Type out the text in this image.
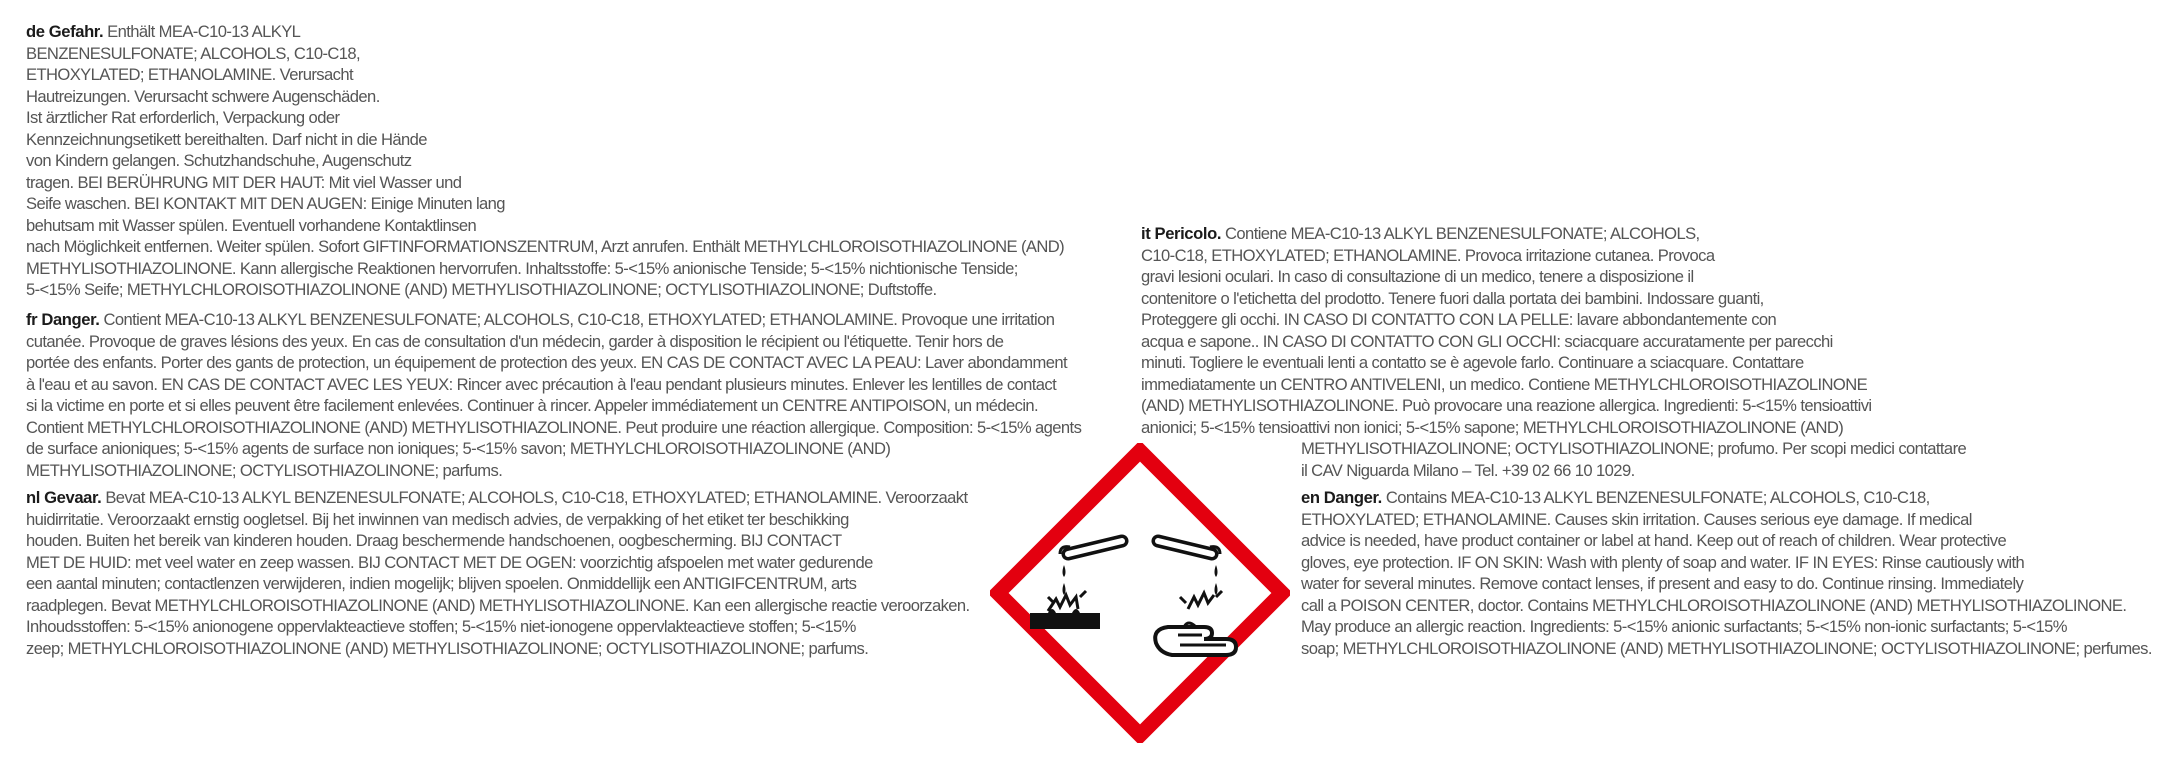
de Gefahr. Enthält MEA-C10-13 ALKYL
BENZENESULFONATE; ALCOHOLS, C10-C18,
ETHOXYLATED; ETHANOLAMINE. Verursacht
Hautreizungen. Verursacht schwere Augenschäden.
Ist ärztlicher Rat erforderlich, Verpackung oder
Kennzeichnungsetikett bereithalten. Darf nicht in die Hände
von Kindern gelangen. Schutzhandschuhe, Augenschutz
tragen. BEI BERÜHRUNG MIT DER HAUT: Mit viel Wasser und
Seife waschen. BEI KONTAKT MIT DEN AUGEN: Einige Minuten lang
behutsam mit Wasser spülen. Eventuell vorhandene Kontaktlinsen
nach Möglichkeit entfernen. Weiter spülen. Sofort GIFTINFORMATIONSZENTRUM, Arzt anrufen. Enthält METHYLCHLOROISOTHIAZOLINONE (AND)
METHYLISOTHIAZOLINONE. Kann allergische Reaktionen hervorrufen. Inhaltsstoffe: 5-<15% anionische Tenside; 5-<15% nichtionische Tenside;
5-<15% Seife; METHYLCHLOROISOTHIAZOLINONE (AND) METHYLISOTHIAZOLINONE; OCTYLISOTHIAZOLINONE; Duftstoffe.
fr Danger. Contient MEA-C10-13 ALKYL BENZENESULFONATE; ALCOHOLS, C10-C18, ETHOXYLATED; ETHANOLAMINE. Provoque une irritation
cutanée. Provoque de graves lésions des yeux. En cas de consultation d'un médecin, garder à disposition le récipient ou l'étiquette. Tenir hors de
portée des enfants. Porter des gants de protection, un équipement de protection des yeux. EN CAS DE CONTACT AVEC LA PEAU: Laver abondamment
à l'eau et au savon. EN CAS DE CONTACT AVEC LES YEUX: Rincer avec précaution à l'eau pendant plusieurs minutes. Enlever les lentilles de contact
si la victime en porte et si elles peuvent être facilement enlevées. Continuer à rincer. Appeler immédiatement un CENTRE ANTIPOISON, un médecin.
Contient METHYLCHLOROISOTHIAZOLINONE (AND) METHYLISOTHIAZOLINONE. Peut produire une réaction allergique. Composition: 5-<15% agents
de surface anioniques; 5-<15% agents de surface non ioniques; 5-<15% savon; METHYLCHLOROISOTHIAZOLINONE (AND)
METHYLISOTHIAZOLINONE; OCTYLISOTHIAZOLINONE; parfums.
nl Gevaar. Bevat MEA-C10-13 ALKYL BENZENESULFONATE; ALCOHOLS, C10-C18, ETHOXYLATED; ETHANOLAMINE. Veroorzaakt
huidirritatie. Veroorzaakt ernstig oogletsel. Bij het inwinnen van medisch advies, de verpakking of het etiket ter beschikking
houden. Buiten het bereik van kinderen houden. Draag beschermende handschoenen, oogbescherming. BIJ CONTACT
MET DE HUID: met veel water en zeep wassen. BIJ CONTACT MET DE OGEN: voorzichtig afspoelen met water gedurende
een aantal minuten; contactlenzen verwijderen, indien mogelijk; blijven spoelen. Onmiddellijk een ANTIGIFCENTRUM, arts
raadplegen. Bevat METHYLCHLOROISOTHIAZOLINONE (AND) METHYLISOTHIAZOLINONE. Kan een allergische reactie veroorzaken.
Inhoudsstoffen: 5-<15% anionogene oppervlakteactieve stoffen; 5-<15% niet-ionogene oppervlakteactieve stoffen; 5-<15%
zeep; METHYLCHLOROISOTHIAZOLINONE (AND) METHYLISOTHIAZOLINONE; OCTYLISOTHIAZOLINONE; parfums.
it Pericolo. Contiene MEA-C10-13 ALKYL BENZENESULFONATE; ALCOHOLS,
C10-C18, ETHOXYLATED; ETHANOLAMINE. Provoca irritazione cutanea. Provoca
gravi lesioni oculari. In caso di consultazione di un medico, tenere a disposizione il
contenitore o l'etichetta del prodotto. Tenere fuori dalla portata dei bambini. Indossare guanti,
Proteggere gli occhi. IN CASO DI CONTATTO CON LA PELLE: lavare abbondantemente con
acqua e sapone.. IN CASO DI CONTATTO CON GLI OCCHI: sciacquare accuratamente per parecchi
minuti. Togliere le eventuali lenti a contatto se è agevole farlo. Continuare a sciacquare. Contattare
immediatamente un CENTRO ANTIVELENI, un medico. Contiene METHYLCHLOROISOTHIAZOLINONE
(AND) METHYLISOTHIAZOLINONE. Può provocare una reazione allergica. Ingredienti: 5-<15% tensioattivi
anionici; 5-<15% tensioattivi non ionici; 5-<15% sapone; METHYLCHLOROISOTHIAZOLINONE (AND)
METHYLISOTHIAZOLINONE; OCTYLISOTHIAZOLINONE; profumo. Per scopi medici contattare
il CAV Niguarda Milano – Tel. +39 02 66 10 1029.
en Danger. Contains MEA-C10-13 ALKYL BENZENESULFONATE; ALCOHOLS, C10-C18,
ETHOXYLATED; ETHANOLAMINE. Causes skin irritation. Causes serious eye damage. If medical
advice is needed, have product container or label at hand. Keep out of reach of children. Wear protective
gloves, eye protection. IF ON SKIN: Wash with plenty of soap and water. IF IN EYES: Rinse cautiously with
water for several minutes. Remove contact lenses, if present and easy to do. Continue rinsing. Immediately
call a POISON CENTER, doctor. Contains METHYLCHLOROISOTHIAZOLINONE (AND) METHYLISOTHIAZOLINONE.
May produce an allergic reaction. Ingredients: 5-<15% anionic surfactants; 5-<15% non-ionic surfactants; 5-<15%
soap; METHYLCHLOROISOTHIAZOLINONE (AND) METHYLISOTHIAZOLINONE; OCTYLISOTHIAZOLINONE; perfumes.
